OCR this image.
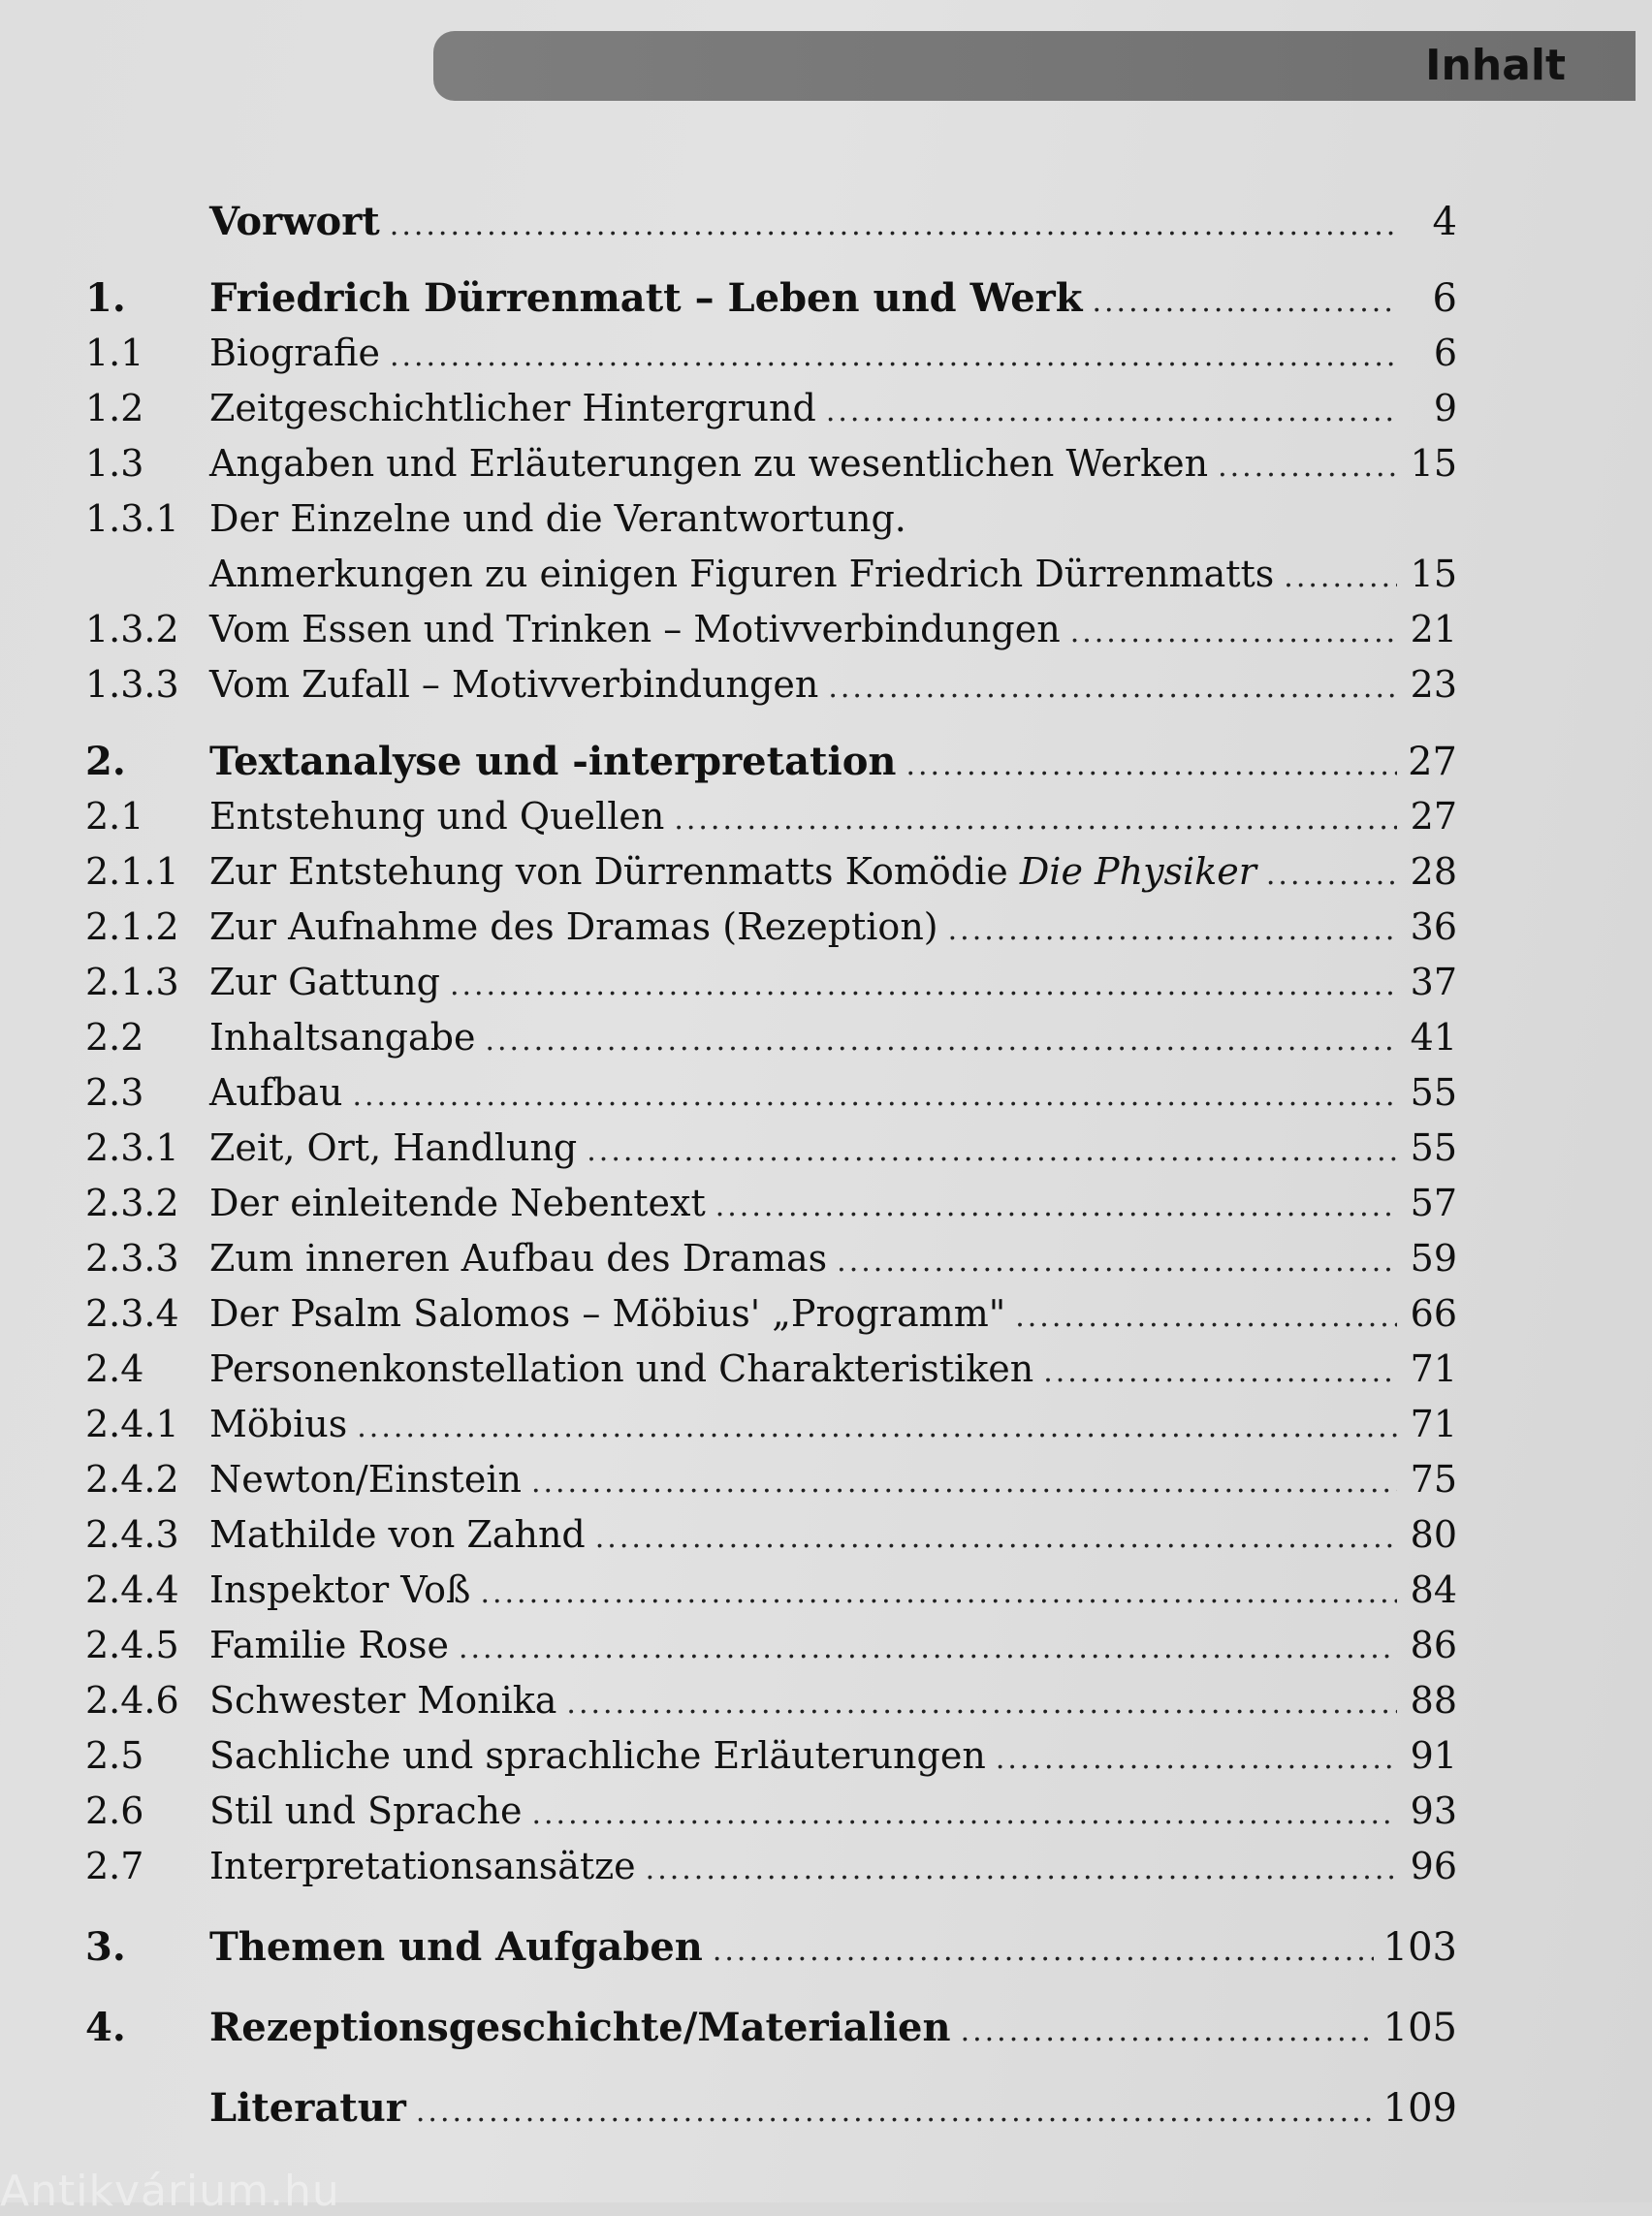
Inhalt
Vorwort .....	4
1.	Friedrich Dürrenmatt – Leben und Werk .....	6
1.1	Biografie .....	6
1.2	Zeitgeschichtlicher Hintergrund .....	9
1.3	Angaben und Erläuterungen zu wesentlichen Werken .....	15
1.3.1 Der Einzelne und die Verantwortung.
Anmerkungen zu einigen Figuren Friedrich Dürrenmatts .....	15
1.3.2 Vom Essen und Trinken – Motivverbindungen .....	21
1.3.3 Vom Zufall – Motivverbindungen .....	23
2.	Textanalyse und -interpretation .....	27
2.1	Entstehung und Quellen .....	27
2.1.1 Zur Entstehung von Dürrenmatts Komödie Die Physiker .....	28
2.1.2 Zur Aufnahme des Dramas (Rezeption) .....	36
2.1.3 Zur Gattung .....	37
2.2	Inhaltsangabe .....	41
2.3	Aufbau .....	55
2.3.1 Zeit, Ort, Handlung .....	55
2.3.2 Der einleitende Nebentext .....	57
2.3.3 Zum inneren Aufbau des Dramas .....	59
2.3.4 Der Psalm Salomos – Möbius' „Programm" .....	66
2.4	Personenkonstellation und Charakteristiken .....	71
2.4.1 Möbius .....	71
2.4.2 Newton/Einstein .....	75
2.4.3 Mathilde von Zahnd .....	80
2.4.4 Inspektor Voß .....	84
2.4.5 Familie Rose .....	86
2.4.6 Schwester Monika .....	88
2.5	Sachliche und sprachliche Erläuterungen .....	91
2.6	Stil und Sprache .....	93
2.7	Interpretationsansätze .....	96
3.	Themen und Aufgaben .....	103
4.	Rezeptionsgeschichte/Materialien .....	105
Literatur .....	109
Antikvárium.hu
